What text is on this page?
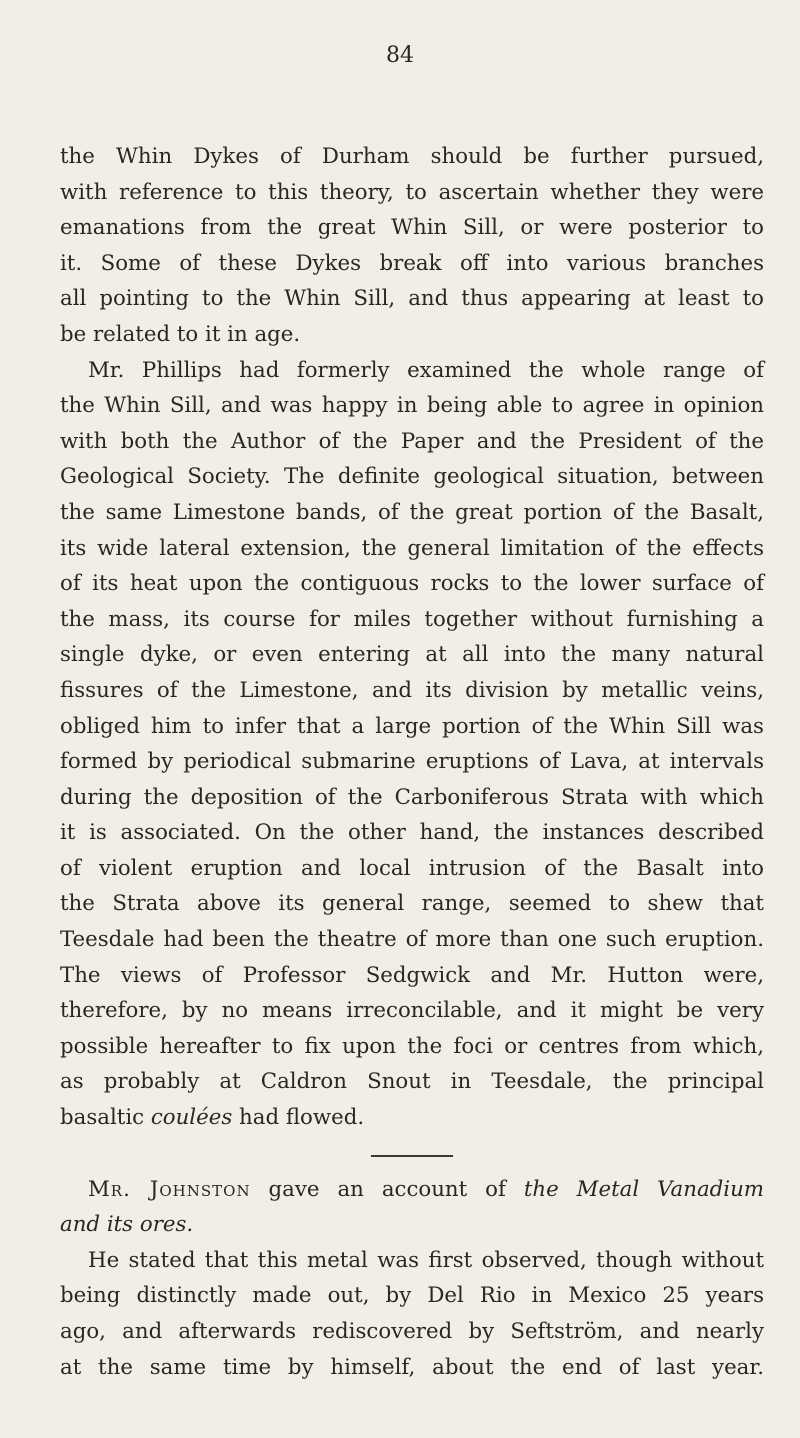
84
the Whin Dykes of Durham should be further pursued,
with reference to this theory, to ascertain whether they were
emanations from the great Whin Sill, or were posterior to
it. Some of these Dykes break off into various branches
all pointing to the Whin Sill, and thus appearing at least to
be related to it in age.
Mr. Phillips had formerly examined the whole range of
the Whin Sill, and was happy in being able to agree in opinion
with both the Author of the Paper and the President of the
Geological Society. The definite geological situation, between
the same Limestone bands, of the great portion of the Basalt,
its wide lateral extension, the general limitation of the effects
of its heat upon the contiguous rocks to the lower surface of
the mass, its course for miles together without furnishing a
single dyke, or even entering at all into the many natural
fissures of the Limestone, and its division by metallic veins,
obliged him to infer that a large portion of the Whin Sill was
formed by periodical submarine eruptions of Lava, at intervals
during the deposition of the Carboniferous Strata with which
it is associated. On the other hand, the instances described
of violent eruption and local intrusion of the Basalt into
the Strata above its general range, seemed to shew that
Teesdale had been the theatre of more than one such eruption.
The views of Professor Sedgwick and Mr. Hutton were,
therefore, by no means irreconcilable, and it might be very
possible hereafter to fix upon the foci or centres from which,
as probably at Caldron Snout in Teesdale, the principal
basaltic coulées had flowed.
Mr. Johnston gave an account of the Metal Vanadium
and its ores.
He stated that this metal was first observed, though without
being distinctly made out, by Del Rio in Mexico 25 years
ago, and afterwards rediscovered by Seftström, and nearly
at the same time by himself, about the end of last year.
